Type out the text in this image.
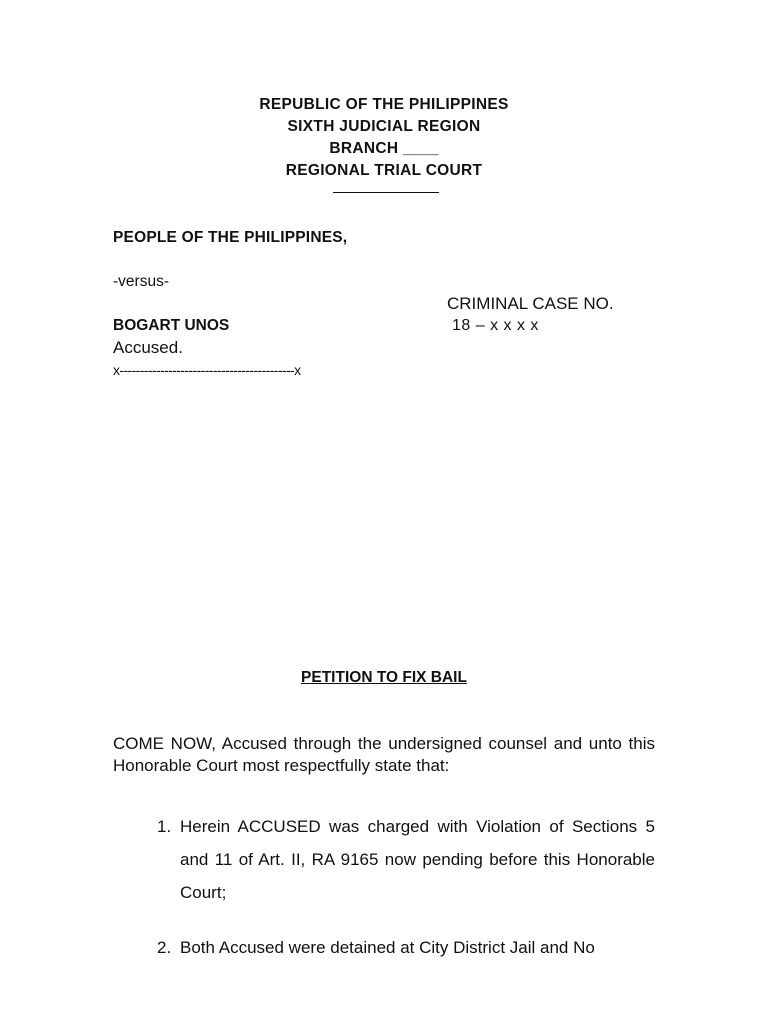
REPUBLIC OF THE PHILIPPINES
SIXTH JUDICIAL REGION
BRANCH ____
REGIONAL TRIAL COURT
PEOPLE OF THE PHILIPPINES,
-versus-
CRIMINAL CASE NO.
18 – x x x x
BOGART UNOS
Accused.
x-------------------------------------------x
PETITION TO FIX BAIL
COME NOW, Accused through the undersigned counsel and unto this Honorable Court most respectfully state that:
1. Herein ACCUSED was charged with Violation of Sections 5 and 11 of Art. II, RA 9165 now pending before this Honorable Court;
2. Both Accused were detained at City District Jail and No
